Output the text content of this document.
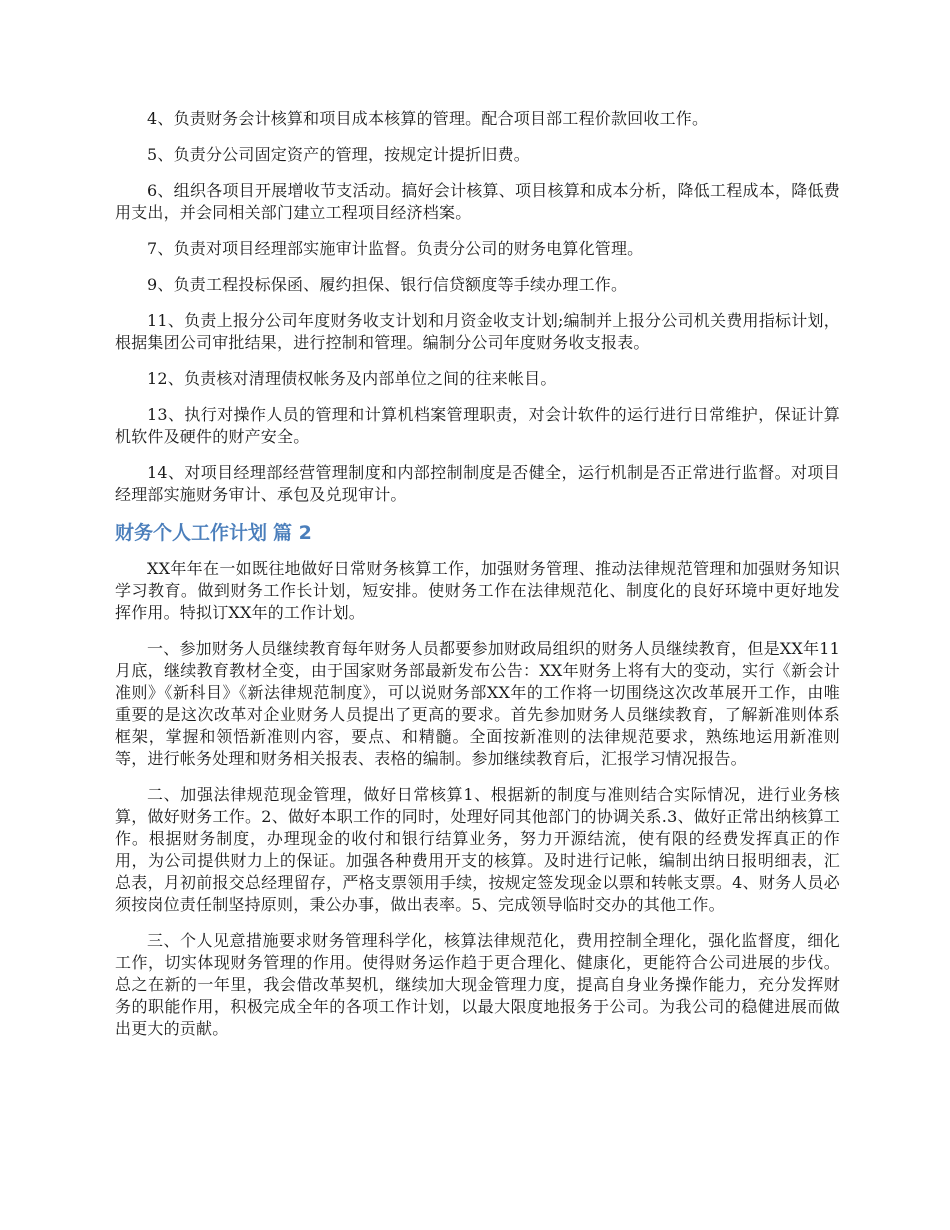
4、负责财务会计核算和项目成本核算的管理。配合项目部工程价款回收工作。

5、负责分公司固定资产的管理，按规定计提折旧费。

6、组织各项目开展增收节支活动。搞好会计核算、项目核算和成本分析，降低工程成本，降低费用支出，并会同相关部门建立工程项目经济档案。

7、负责对项目经理部实施审计监督。负责分公司的财务电算化管理。

9、负责工程投标保函、履约担保、银行信贷额度等手续办理工作。

11、负责上报分公司年度财务收支计划和月资金收支计划;编制并上报分公司机关费用指标计划，根据集团公司审批结果，进行控制和管理。编制分公司年度财务收支报表。

12、负责核对清理债权帐务及内部单位之间的往来帐目。

13、执行对操作人员的管理和计算机档案管理职责，对会计软件的运行进行日常维护，保证计算机软件及硬件的财产安全。

14、对项目经理部经营管理制度和内部控制制度是否健全，运行机制是否正常进行监督。对项目经理部实施财务审计、承包及兑现审计。

财务个人工作计划 篇 2

XX年年在一如既往地做好日常财务核算工作，加强财务管理、推动法律规范管理和加强财务知识学习教育。做到财务工作长计划，短安排。使财务工作在法律规范化、制度化的良好环境中更好地发挥作用。特拟订XX年的工作计划。

一、参加财务人员继续教育每年财务人员都要参加财政局组织的财务人员继续教育，但是XX年11月底，继续教育教材全变，由于国家财务部最新发布公告：XX年财务上将有大的变动，实行《新会计准则》《新科目》《新法律规范制度》，可以说财务部XX年的工作将一切围绕这次改革展开工作，由唯重要的是这次改革对企业财务人员提出了更高的要求。首先参加财务人员继续教育，了解新准则体系框架，掌握和领悟新准则内容，要点、和精髓。全面按新准则的法律规范要求，熟练地运用新准则等，进行帐务处理和财务相关报表、表格的编制。参加继续教育后，汇报学习情况报告。

二、加强法律规范现金管理，做好日常核算1、根据新的制度与准则结合实际情况，进行业务核算，做好财务工作。2、做好本职工作的同时，处理好同其他部门的协调关系.3、做好正常出纳核算工作。根据财务制度，办理现金的收付和银行结算业务，努力开源结流，使有限的经费发挥真正的作用，为公司提供财力上的保证。加强各种费用开支的核算。及时进行记帐，编制出纳日报明细表，汇总表，月初前报交总经理留存，严格支票领用手续，按规定签发现金以票和转帐支票。4、财务人员必须按岗位责任制坚持原则，秉公办事，做出表率。5、完成领导临时交办的其他工作。

三、个人见意措施要求财务管理科学化，核算法律规范化，费用控制全理化，强化监督度，细化工作，切实体现财务管理的作用。使得财务运作趋于更合理化、健康化，更能符合公司进展的步伐。总之在新的一年里，我会借改革契机，继续加大现金管理力度，提高自身业务操作能力，充分发挥财务的职能作用，积极完成全年的各项工作计划，以最大限度地报务于公司。为我公司的稳健进展而做出更大的贡献。
